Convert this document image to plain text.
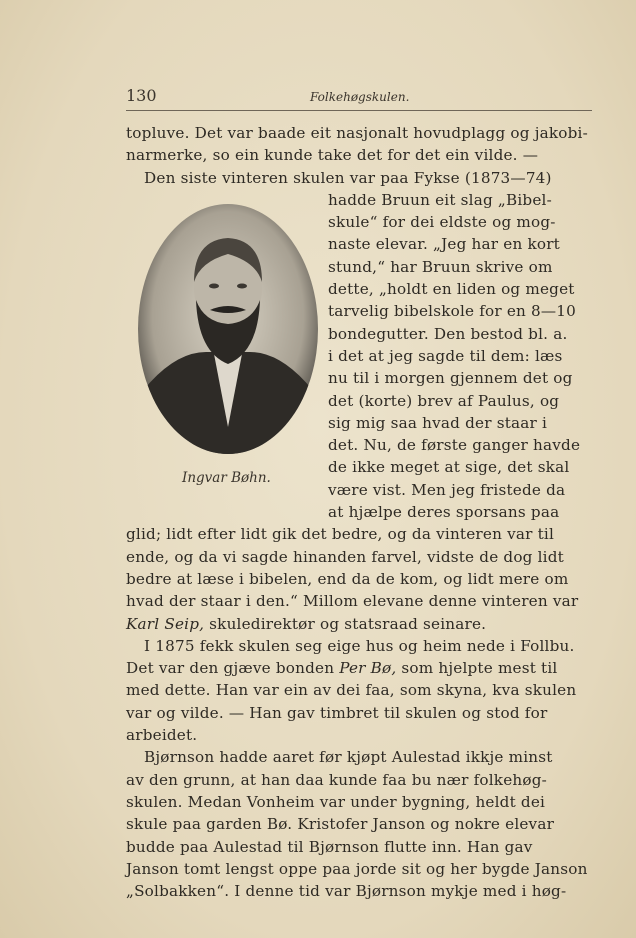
130	Folkehøgskulen.
Ingvar Bøhn.
topluve. Det var baade eit nasjonalt hovudplagg og jakobi-
narmerke, so ein kunde take det for det ein vilde. —
Den siste vinteren skulen var paa Fykse (1873—74)
hadde Bruun eit slag „Bibel-
skule“ for dei eldste og mog-
naste elevar. „Jeg har en kort
stund,“ har Bruun skrive om
dette, „holdt en liden og meget
tarvelig bibelskole for en 8—10
bondegutter. Den bestod bl. a.
i det at jeg sagde til dem: læs
nu til i morgen gjennem det og
det (korte) brev af Paulus, og
sig mig saa hvad der staar i
det. Nu, de første ganger havde
de ikke meget at sige, det skal
være vist. Men jeg fristede da
at hjælpe deres sporsans paa
glid; lidt efter lidt gik det bedre, og da vinteren var til
ende, og da vi sagde hinanden farvel, vidste de dog lidt
bedre at læse i bibelen, end da de kom, og lidt mere om
hvad der staar i den.“ Millom elevane denne vinteren var
Karl Seip, skuledirektør og statsraad seinare.
I 1875 fekk skulen seg eige hus og heim nede i Follbu.
Det var den gjæve bonden Per Bø, som hjelpte mest til
med dette. Han var ein av dei faa, som skyna, kva skulen
var og vilde. — Han gav timbret til skulen og stod for
arbeidet.
Bjørnson hadde aaret før kjøpt Aulestad ikkje minst
av den grunn, at han daa kunde faa bu nær folkehøg-
skulen. Medan Vonheim var under bygning, heldt dei
skule paa garden Bø. Kristofer Janson og nokre elevar
budde paa Aulestad til Bjørnson flutte inn. Han gav
Janson tomt lengst oppe paa jorde sit og her bygde Janson
„Solbakken“. I denne tid var Bjørnson mykje med i høg-
